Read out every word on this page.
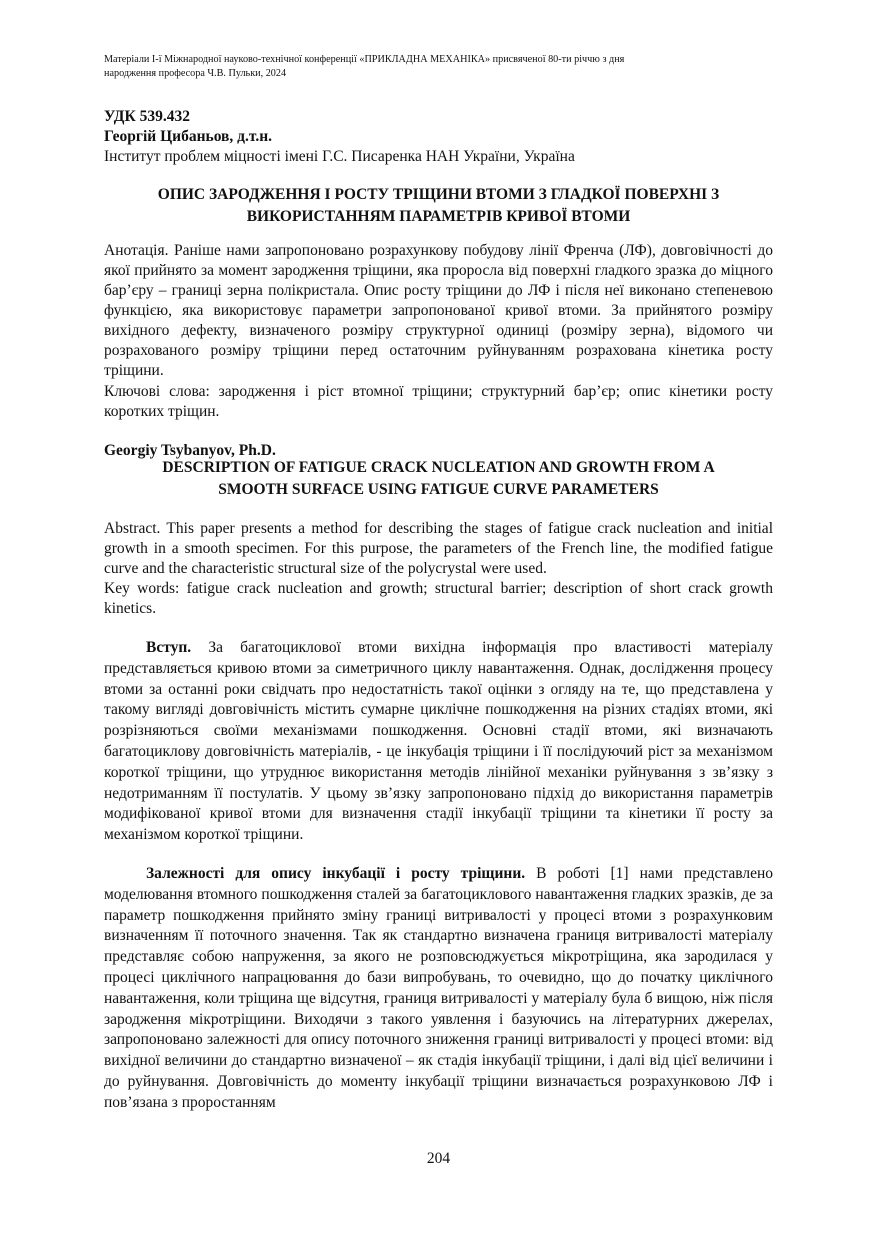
Матеріали І-ї Міжнародної науково-технічної конференції «ПРИКЛАДНА МЕХАНІКА» присвяченої 80-ти річчю з дня
народження професора Ч.В. Пульки, 2024
УДК 539.432
Георгій Цибаньов, д.т.н.
Інститут проблем міцності імені Г.С. Писаренка НАН України, Україна
ОПИС ЗАРОДЖЕННЯ І РОСТУ ТРІЩИНИ ВТОМИ З ГЛАДКОЇ ПОВЕРХНІ З
ВИКОРИСТАННЯМ ПАРАМЕТРІВ КРИВОЇ ВТОМИ
Анотація. Раніше нами запропоновано розрахункову побудову лінії Френча (ЛФ), довговічності до якої прийнято за момент зародження тріщини, яка проросла від поверхні гладкого зразка до міцного бар’єру – границі зерна полікристала. Опис росту тріщини до ЛФ і після неї виконано степеневою функцією, яка використовує параметри запропонованої кривої втоми. За прийнятого розміру вихідного дефекту, визначеного розміру структурної одиниці (розміру зерна), відомого чи розрахованого розміру тріщини перед остаточним руйнуванням розрахована кінетика росту тріщини.
Ключові слова: зародження і ріст втомної тріщини; структурний бар’єр; опис кінетики росту коротких тріщин.
Georgiy Tsybanyov, Ph.D.
DESCRIPTION OF FATIGUE CRACK NUCLEATION AND GROWTH FROM A
SMOOTH SURFACE USING FATIGUE CURVE PARAMETERS
Abstract. This paper presents a method for describing the stages of fatigue crack nucleation and initial growth in a smooth specimen. For this purpose, the parameters of the French line, the modified fatigue curve and the characteristic structural size of the polycrystal were used.
Key words: fatigue crack nucleation and growth; structural barrier; description of short crack growth kinetics.
Вступ. За багатоциклової втоми вихідна інформація про властивості матеріалу представляється кривою втоми за симетричного циклу навантаження. Однак, дослідження процесу втоми за останні роки свідчать про недостатність такої оцінки з огляду на те, що представлена у такому вигляді довговічність містить сумарне циклічне пошкодження на різних стадіях втоми, які розрізняються своїми механізмами пошкодження. Основні стадії втоми, які визначають багатоциклову довговічність матеріалів, - це інкубація тріщини і її послідуючий ріст за механізмом короткої тріщини, що утруднює використання методів лінійної механіки руйнування з зв’язку з недотриманням її постулатів. У цьому зв’язку запропоновано підхід до використання параметрів модифікованої кривої втоми для визначення стадії інкубації тріщини та кінетики її росту за механізмом короткої тріщини.
Залежності для опису інкубації і росту тріщини. В роботі [1] нами представлено моделювання втомного пошкодження сталей за багатоциклового навантаження гладких зразків, де за параметр пошкодження прийнято зміну границі витривалості у процесі втоми з розрахунковим визначенням її поточного значення. Так як стандартно визначена границя витривалості матеріалу представляє собою напруження, за якого не розповсюджується мікротріщина, яка зародилася у процесі циклічного напрацювання до бази випробувань, то очевидно, що до початку циклічного навантаження, коли тріщина ще відсутня, границя витривалості у матеріалу була б вищою, ніж після зародження мікротріщини. Виходячи з такого уявлення і базуючись на літературних джерелах, запропоновано залежності для опису поточного зниження границі витривалості у процесі втоми: від вихідної величини до стандартно визначеної – як стадія інкубації тріщини, і далі від цієї величини і до руйнування. Довговічність до моменту інкубації тріщини визначається розрахунковою ЛФ і пов’язана з проростанням
204
